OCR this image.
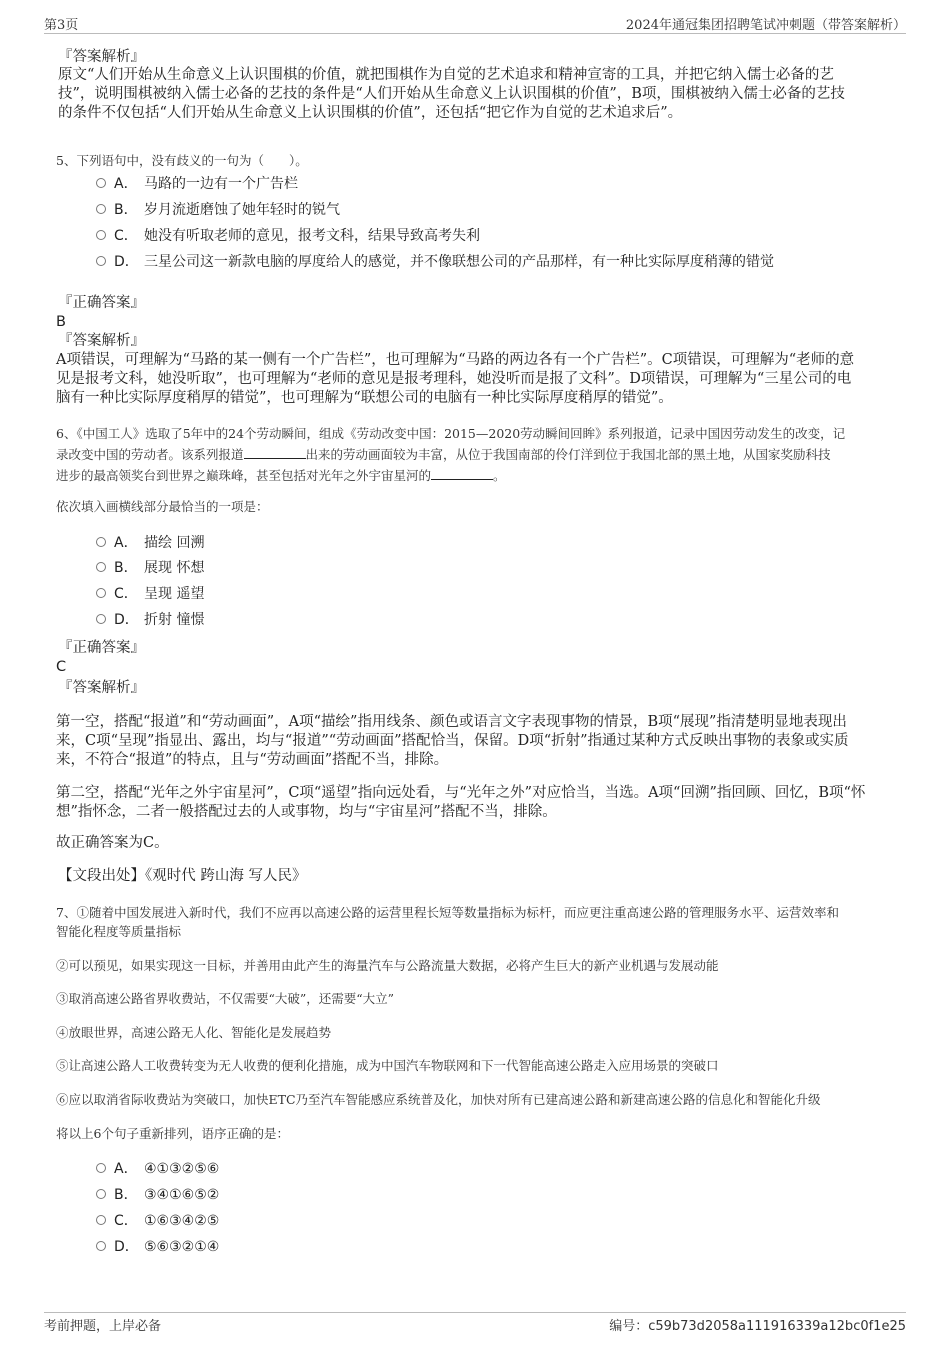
第3页	2024年通冠集团招聘笔试冲刺题（带答案解析）
『答案解析』
原文“人们开始从生命意义上认识围棋的价值，就把围棋作为自觉的艺术追求和精神宣寄的工具，并把它纳入儒士必备的艺
技”，说明围棋被纳入儒士必备的艺技的条件是“人们开始从生命意义上认识围棋的价值”，B项，围棋被纳入儒士必备的艺技
的条件不仅包括“人们开始从生命意义上认识围棋的价值”，还包括“把它作为自觉的艺术追求后”。
5、下列语句中，没有歧义的一句为（　　）。
A． 马路的一边有一个广告栏
B． 岁月流逝磨蚀了她年轻时的锐气
C． 她没有听取老师的意见，报考文科，结果导致高考失利
D． 三星公司这一新款电脑的厚度给人的感觉，并不像联想公司的产品那样，有一种比实际厚度稍薄的错觉
『正确答案』
B
『答案解析』
A项错误，可理解为“马路的某一侧有一个广告栏”，也可理解为“马路的两边各有一个广告栏”。C项错误，可理解为“老师的意
见是报考文科，她没听取”，也可理解为“老师的意见是报考理科，她没听而是报了文科”。D项错误，可理解为“三星公司的电
脑有一种比实际厚度稍厚的错觉”，也可理解为“联想公司的电脑有一种比实际厚度稍厚的错觉”。
6、《中国工人》选取了5年中的24个劳动瞬间，组成《劳动改变中国：2015—2020劳动瞬间回眸》系列报道，记录中国因劳动发生的改变，记
录改变中国的劳动者。该系列报道	出来的劳动画面较为丰富，从位于我国南部的伶仃洋到位于我国北部的黑土地，从国家奖励科技
进步的最高领奖台到世界之巅珠峰，甚至包括对光年之外宇宙星河的	。
依次填入画横线部分最恰当的一项是：
A． 描绘 回溯
B． 展现 怀想
C． 呈现 遥望
D． 折射 憧憬
『正确答案』
C
『答案解析』
第一空，搭配“报道”和“劳动画面”，A项“描绘”指用线条、颜色或语言文字表现事物的情景，B项“展现”指清楚明显地表现出
来，C项“呈现”指显出、露出，均与“报道”“劳动画面”搭配恰当，保留。D项“折射”指通过某种方式反映出事物的表象或实质
来，不符合“报道”的特点，且与“劳动画面”搭配不当，排除。
第二空，搭配“光年之外宇宙星河”，C项“遥望”指向远处看，与“光年之外”对应恰当，当选。A项“回溯”指回顾、回忆，B项“怀
想”指怀念，二者一般搭配过去的人或事物，均与“宇宙星河”搭配不当，排除。
故正确答案为C。
【文段出处】《观时代 跨山海 写人民》
7、①随着中国发展进入新时代，我们不应再以高速公路的运营里程长短等数量指标为标杆，而应更注重高速公路的管理服务水平、运营效率和
智能化程度等质量指标
②可以预见，如果实现这一目标，并善用由此产生的海量汽车与公路流量大数据，必将产生巨大的新产业机遇与发展动能
③取消高速公路省界收费站，不仅需要“大破”，还需要“大立”
④放眼世界，高速公路无人化、智能化是发展趋势
⑤让高速公路人工收费转变为无人收费的便利化措施，成为中国汽车物联网和下一代智能高速公路走入应用场景的突破口
⑥应以取消省际收费站为突破口，加快ETC乃至汽车智能感应系统普及化，加快对所有已建高速公路和新建高速公路的信息化和智能化升级
将以上6个句子重新排列，语序正确的是：
A． ④①③②⑤⑥
B． ③④①⑥⑤②
C． ①⑥③④②⑤
D． ⑤⑥③②①④
考前押题，上岸必备	编号：c59b73d2058a111916339a12bc0f1e25
